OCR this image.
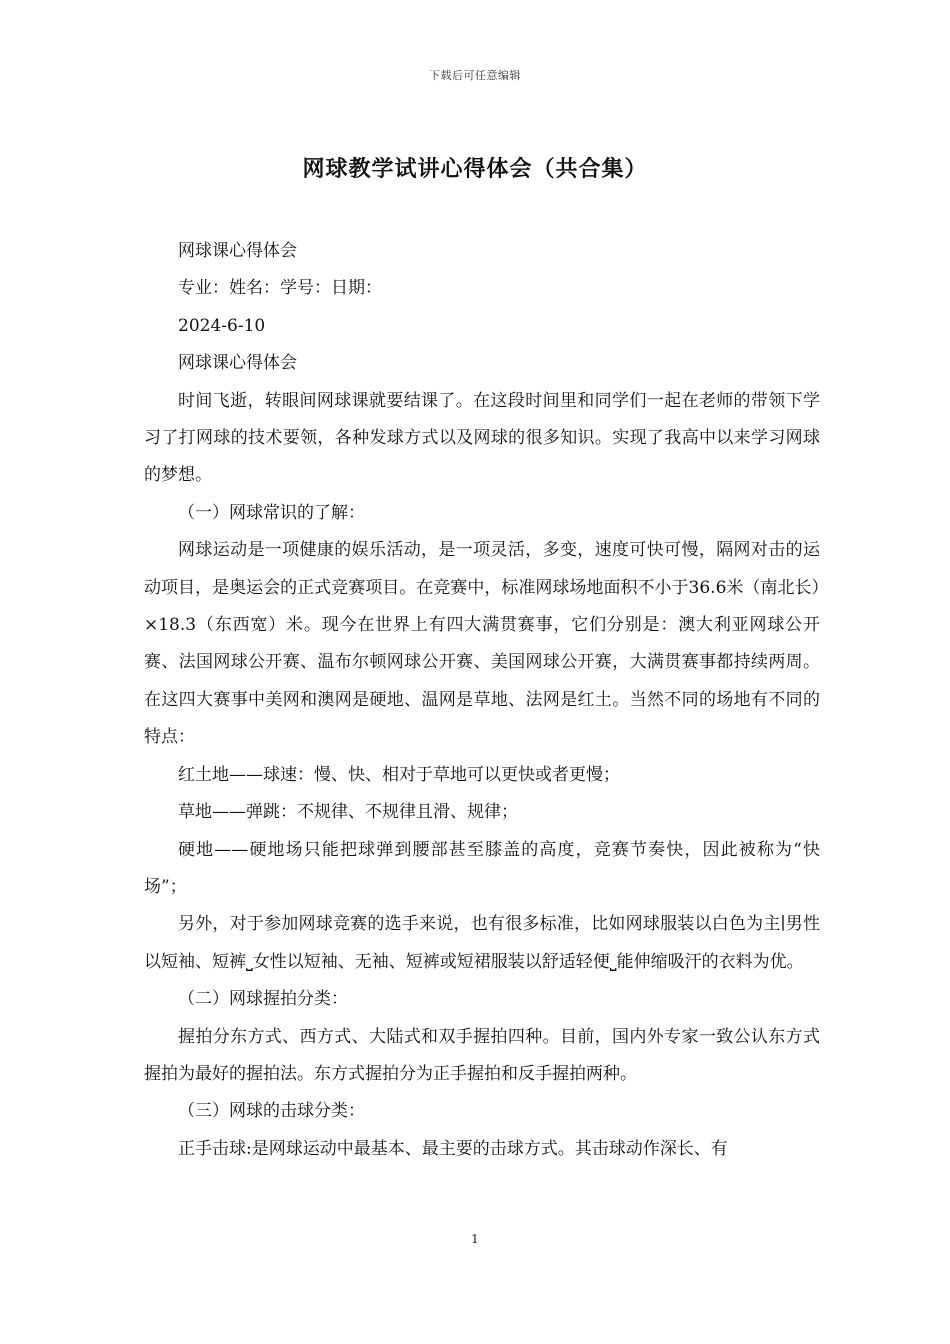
下载后可任意编辑
网球教学试讲心得体会（共合集）

网球课心得体会

专业：姓名：学号：日期：

2024-6-10

网球课心得体会

时间飞逝，转眼间网球课就要结课了。在这段时间里和同学们一起在老师的带领下学习了打网球的技术要领，各种发球方式以及网球的很多知识。实现了我高中以来学习网球的梦想。

（一）网球常识的了解：

网球运动是一项健康的娱乐活动，是一项灵活，多变，速度可快可慢，隔网对击的运动项目，是奥运会的正式竞赛项目。在竞赛中，标准网球场地面积不小于36.6米（南北长）×18.3（东西宽）米。现今在世界上有四大满贯赛事，它们分别是：澳大利亚网球公开赛、法国网球公开赛、温布尔顿网球公开赛、美国网球公开赛，大满贯赛事都持续两周。在这四大赛事中美网和澳网是硬地、温网是草地、法网是红土。当然不同的场地有不同的特点：

红土地——球速：慢、快、相对于草地可以更快或者更慢；

草地——弹跳：不规律、不规律且滑、规律；

硬地——硬地场只能把球弹到腰部甚至膝盖的高度，竞赛节奏快，因此被称为“快场”；

另外，对于参加网球竞赛的选手来说，也有很多标准，比如网球服装以白色为主∣男性以短袖、短裤⎵女性以短袖、无袖、短裤或短裙服装以舒适轻便⎵能伸缩吸汗的衣料为优。

（二）网球握拍分类：

握拍分东方式、西方式、大陆式和双手握拍四种。目前，国内外专家一致公认东方式握拍为最好的握拍法。东方式握拍分为正手握拍和反手握拍两种。

（三）网球的击球分类：

正手击球:是网球运动中最基本、最主要的击球方式。其击球动作深长、有

1
